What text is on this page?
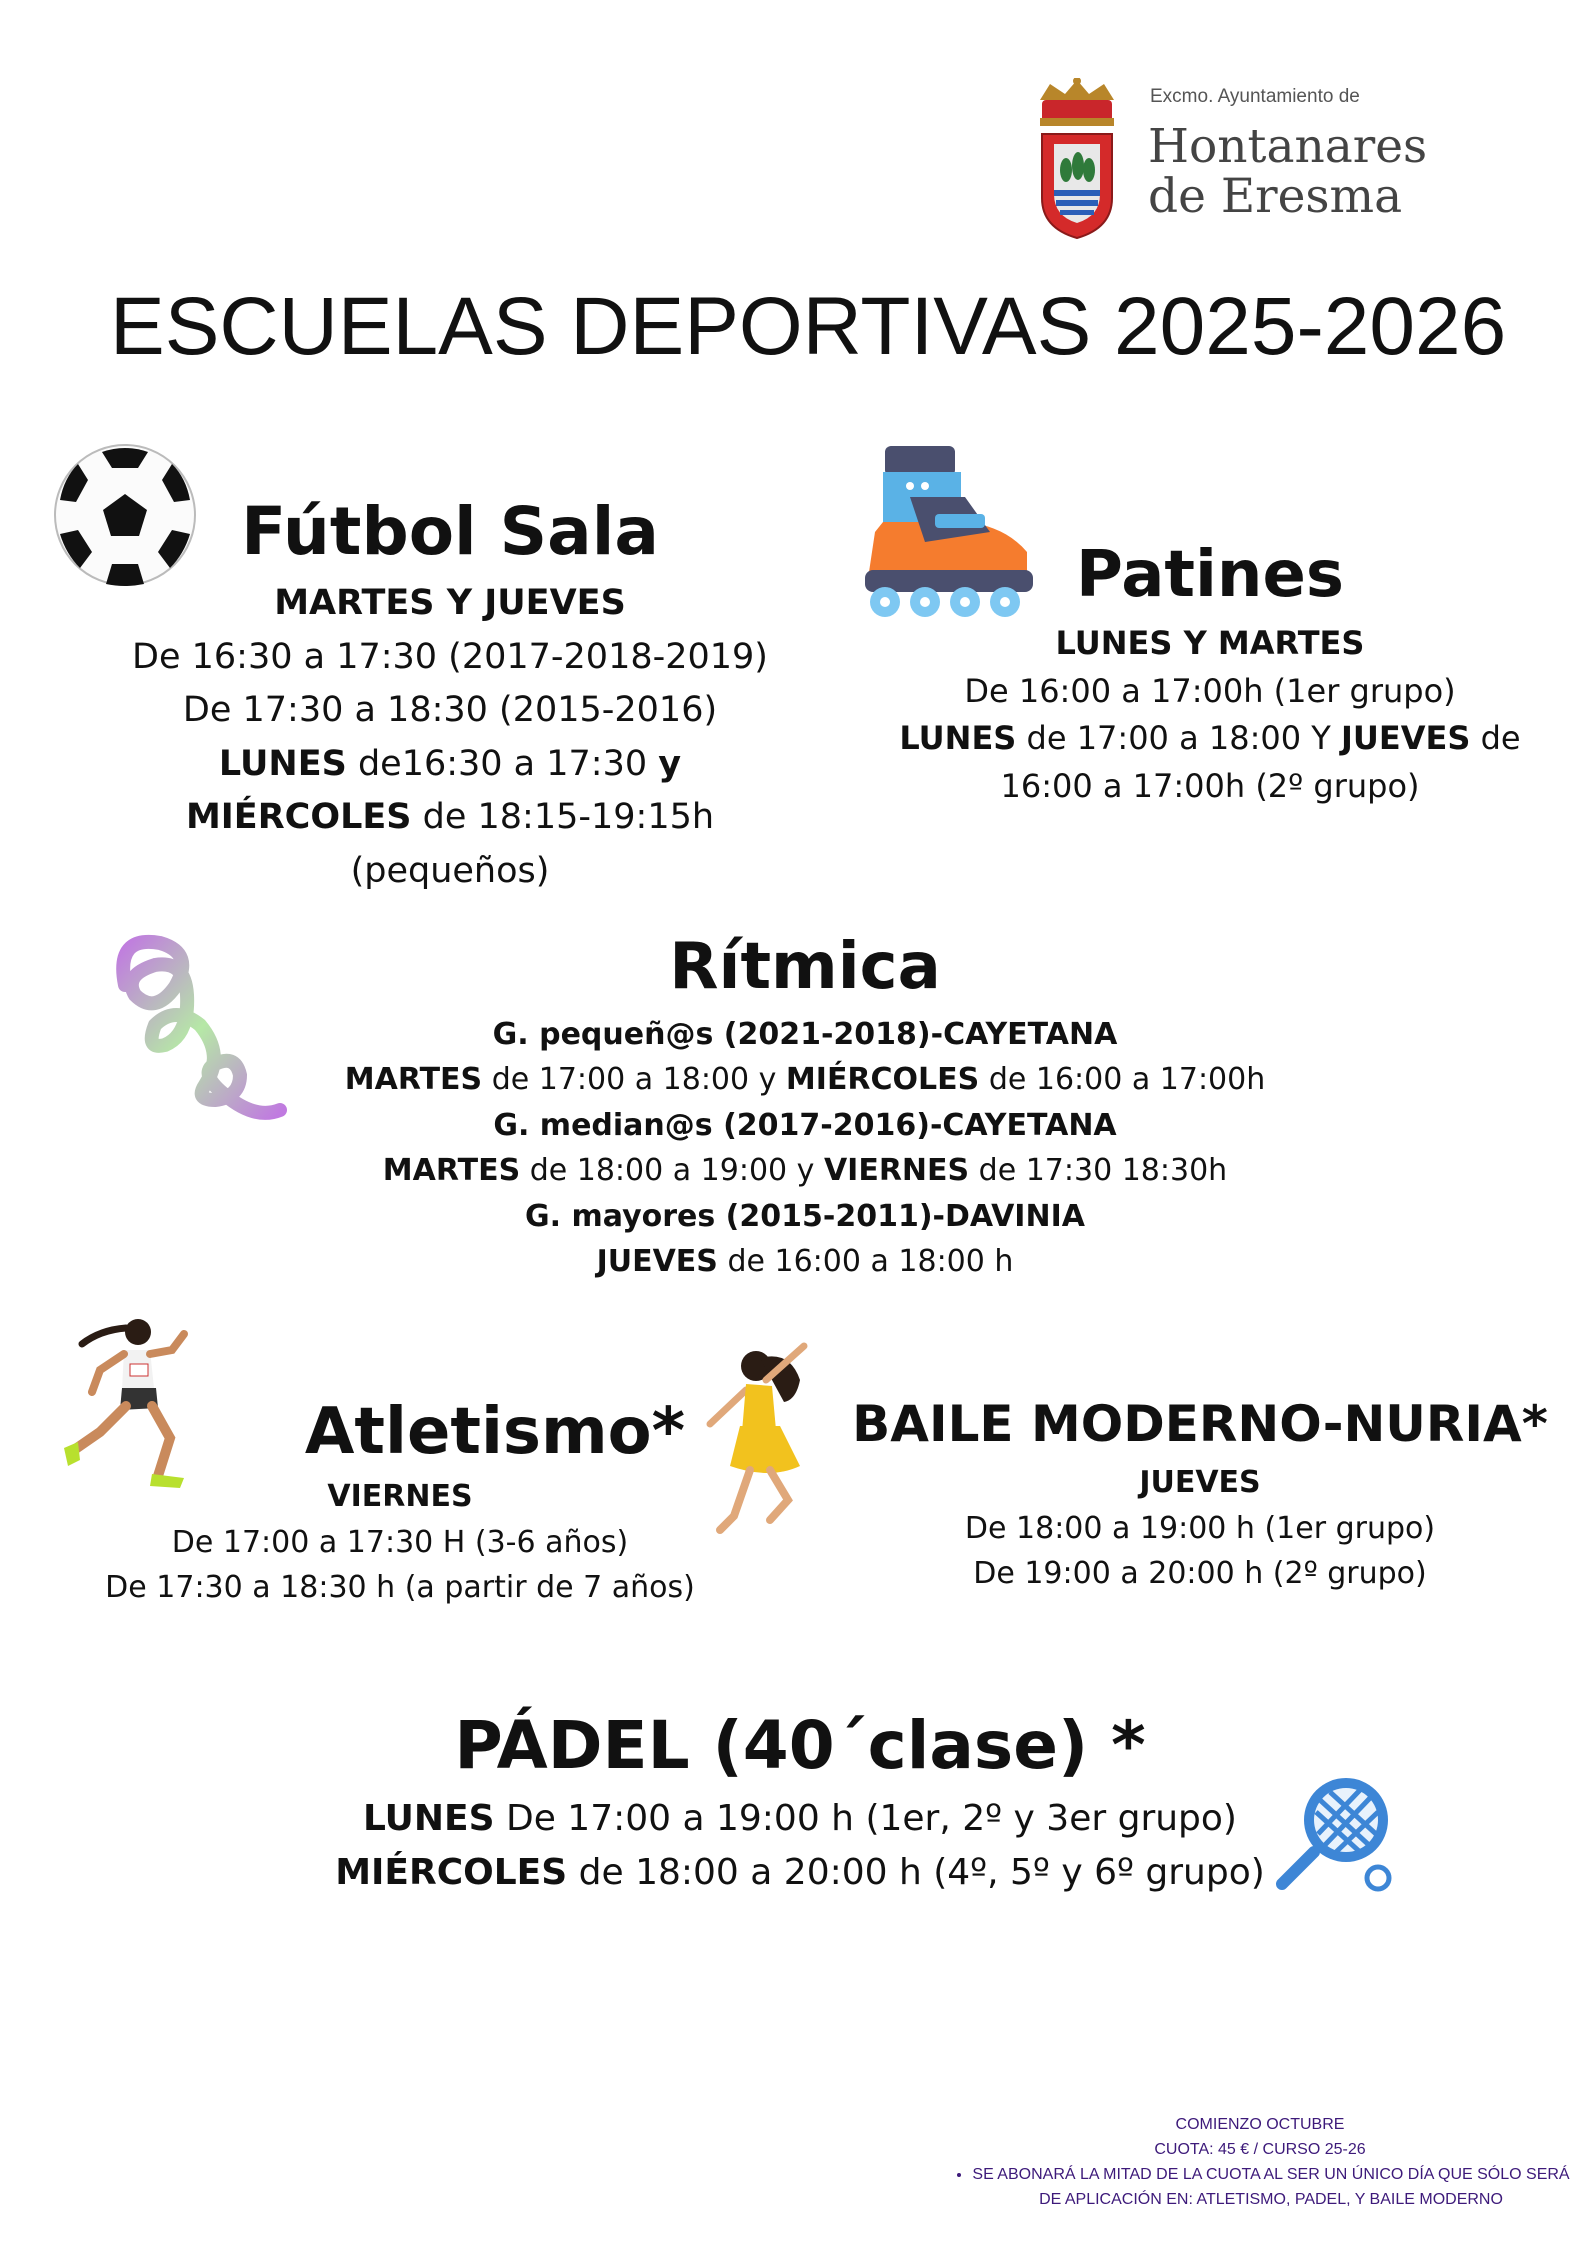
Excmo. Ayuntamiento de
Hontanares
de Eresma
ESCUELAS DEPORTIVAS 2025-2026
Fútbol Sala
MARTES Y JUEVES
De 16:30 a 17:30 (2017-2018-2019)
De 17:30 a 18:30 (2015-2016)
LUNES de16:30 a 17:30 y
MIÉRCOLES de 18:15-19:15h
(pequeños)
Patines
LUNES Y MARTES
De 16:00 a 17:00h (1er grupo)
LUNES de 17:00 a 18:00 Y JUEVES de
16:00 a 17:00h (2º grupo)
Rítmica
G. pequeñ@s (2021-2018)-CAYETANA
MARTES de 17:00 a 18:00 y MIÉRCOLES de 16:00 a 17:00h
G. median@s (2017-2016)-CAYETANA
MARTES de 18:00 a 19:00 y VIERNES de 17:30 18:30h
G. mayores (2015-2011)-DAVINIA
JUEVES de 16:00 a 18:00 h
Atletismo*
VIERNES
De 17:00 a 17:30 H (3-6 años)
De 17:30 a 18:30 h (a partir de 7 años)
BAILE MODERNO-NURIA*
JUEVES
De 18:00 a 19:00 h (1er grupo)
De 19:00 a 20:00 h (2º grupo)
PÁDEL (40´clase) *
LUNES De 17:00 a 19:00 h (1er, 2º y 3er grupo)
MIÉRCOLES de 18:00 a 20:00 h (4º, 5º y 6º grupo)
COMIENZO OCTUBRE
CUOTA: 45 € / CURSO 25-26
• SE ABONARÁ LA MITAD DE LA CUOTA AL SER UN ÚNICO DÍA QUE SÓLO SERÁ DE APLICACIÓN EN: ATLETISMO, PADEL, Y BAILE MODERNO
